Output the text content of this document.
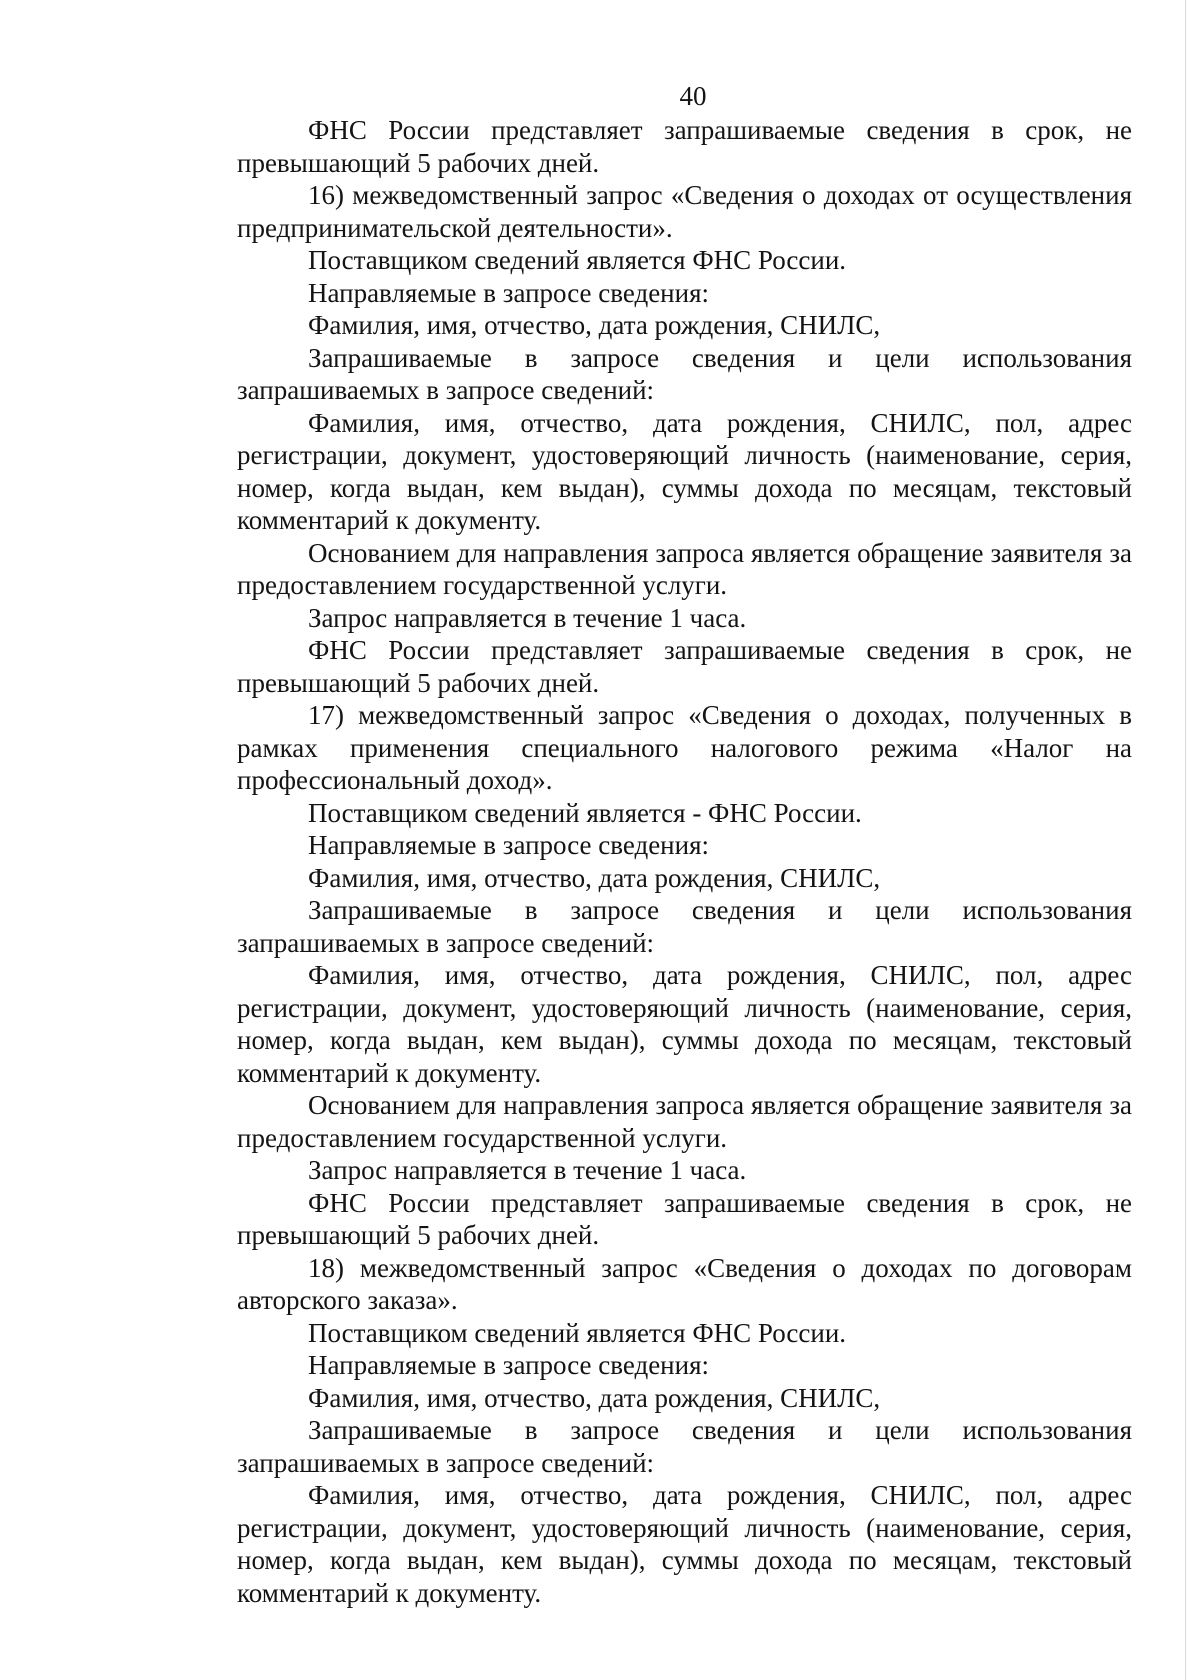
40

ФНС России представляет запрашиваемые сведения в срок, не превышающий 5 рабочих дней.

16) межведомственный запрос «Сведения о доходах от осуществления предпринимательской деятельности».

Поставщиком сведений является ФНС России.

Направляемые в запросе сведения:

Фамилия, имя, отчество, дата рождения, СНИЛС,

Запрашиваемые в запросе сведения и цели использования запрашиваемых в запросе сведений:

Фамилия, имя, отчество, дата рождения, СНИЛС, пол, адрес регистрации, документ, удостоверяющий личность (наименование, серия, номер, когда выдан, кем выдан), суммы дохода по месяцам, текстовый комментарий к документу.

Основанием для направления запроса является обращение заявителя за предоставлением государственной услуги.

Запрос направляется в течение 1 часа.

ФНС России представляет запрашиваемые сведения в срок, не превышающий 5 рабочих дней.

17) межведомственный запрос «Сведения о доходах, полученных в рамках применения специального налогового режима «Налог на профессиональный доход».

Поставщиком сведений является - ФНС России.

Направляемые в запросе сведения:

Фамилия, имя, отчество, дата рождения, СНИЛС,

Запрашиваемые в запросе сведения и цели использования запрашиваемых в запросе сведений:

Фамилия, имя, отчество, дата рождения, СНИЛС, пол, адрес регистрации, документ, удостоверяющий личность (наименование, серия, номер, когда выдан, кем выдан), суммы дохода по месяцам, текстовый комментарий к документу.

Основанием для направления запроса является обращение заявителя за предоставлением государственной услуги.

Запрос направляется в течение 1 часа.

ФНС России представляет запрашиваемые сведения в срок, не превышающий 5 рабочих дней.

18) межведомственный запрос «Сведения о доходах по договорам авторского заказа».

Поставщиком сведений является ФНС России.

Направляемые в запросе сведения:

Фамилия, имя, отчество, дата рождения, СНИЛС,

Запрашиваемые в запросе сведения и цели использования запрашиваемых в запросе сведений:

Фамилия, имя, отчество, дата рождения, СНИЛС, пол, адрес регистрации, документ, удостоверяющий личность (наименование, серия, номер, когда выдан, кем выдан), суммы дохода по месяцам, текстовый комментарий к документу.
